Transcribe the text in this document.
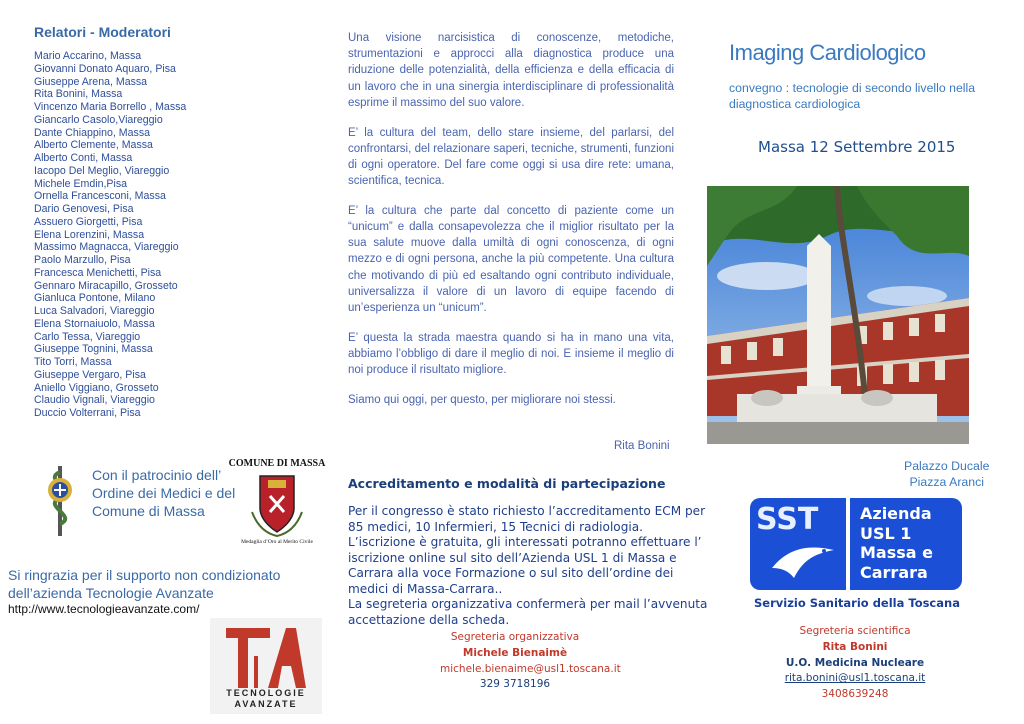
Relatori - Moderatori
Mario Accarino, Massa
Giovanni Donato Aquaro, Pisa
Giuseppe Arena, Massa
Rita Bonini, Massa
Vincenzo Maria Borrello , Massa
Giancarlo Casolo,Viareggio
Dante Chiappino, Massa
Alberto Clemente, Massa
Alberto Conti, Massa
Iacopo Del Meglio, Viareggio
Michele Emdin,Pisa
Ornella Francesconi, Massa
Dario Genovesi, Pisa
Assuero Giorgetti, Pisa
Elena Lorenzini, Massa
Massimo Magnacca, Viareggio
Paolo Marzullo, Pisa
Francesca Menichetti, Pisa
Gennaro Miracapillo, Grosseto
Gianluca Pontone, Milano
Luca Salvadori, Viareggio
Elena Stornaiuolo, Massa
Carlo Tessa, Viareggio
Giuseppe Tognini, Massa
Tito Torri, Massa
Giuseppe Vergaro, Pisa
Aniello Viggiano, Grosseto
Claudio Vignali, Viareggio
Duccio Volterrani, Pisa
Con il patrocinio dell’
Ordine dei Medici e del
Comune di Massa
COMUNE DI MASSA
Medaglia d’Oro al Merito Civile
Si ringrazia per il supporto non condizionato
dell’azienda Tecnologie Avanzate
http://www.tecnologieavanzate.com/
TECNOLOGIE
AVANZATE

Una visione narcisistica di conoscenze, metodiche, strumentazioni e approcci alla diagnostica produce una riduzione delle potenzialità, della efficienza e della efficacia di un lavoro che in una sinergia interdisciplinare di professionalità esprime il massimo del suo valore.

E’ la cultura del team, dello stare insieme, del parlarsi, del confrontarsi, del relazionare saperi, tecniche, strumenti, funzioni di ogni operatore. Del fare come oggi si usa dire rete: umana, scientifica, tecnica.

E’ la cultura che parte dal concetto di paziente come un “unicum” e dalla consapevolezza che il miglior risultato per la sua salute muove dalla umiltà di ogni conoscenza, di ogni mezzo e di ogni persona, anche la più competente. Una cultura che motivando di più ed esaltando ogni contributo individuale, universalizza il valore di un lavoro di equipe facendo di un’esperienza un “unicum”.

E’ questa la strada maestra quando si ha in mano una vita, abbiamo l’obbligo di dare il meglio di noi. E insieme il meglio di noi produce il risultato migliore.

Siamo qui oggi, per questo, per migliorare noi stessi.

Rita Bonini
Accreditamento e modalità di partecipazione
Per il congresso è stato richiesto l’accreditamento ECM per
85 medici, 10 Infermieri, 15 Tecnici di radiologia.
L’iscrizione è gratuita, gli interessati potranno effettuare l’
iscrizione online sul sito dell’Azienda USL 1 di Massa e
Carrara alla voce Formazione o sul sito dell’ordine dei
medici di Massa-Carrara..
La segreteria organizzativa confermerà per mail l’avvenuta
accettazione della scheda.
Segreteria organizzativa
Michele Bienaimè
michele.bienaime@usl1.toscana.it
329 3718196
Imaging Cardiologico
convegno : tecnologie di secondo livello nella diagnostica cardiologica
Massa 12 Settembre 2015
Palazzo Ducale
Piazza Aranci
SST	Azienda
USL 1
Massa e
Carrara
Servizio Sanitario della Toscana
Segreteria scientifica
Rita Bonini
U.O. Medicina Nucleare
rita.bonini@usl1.toscana.it
3408639248
